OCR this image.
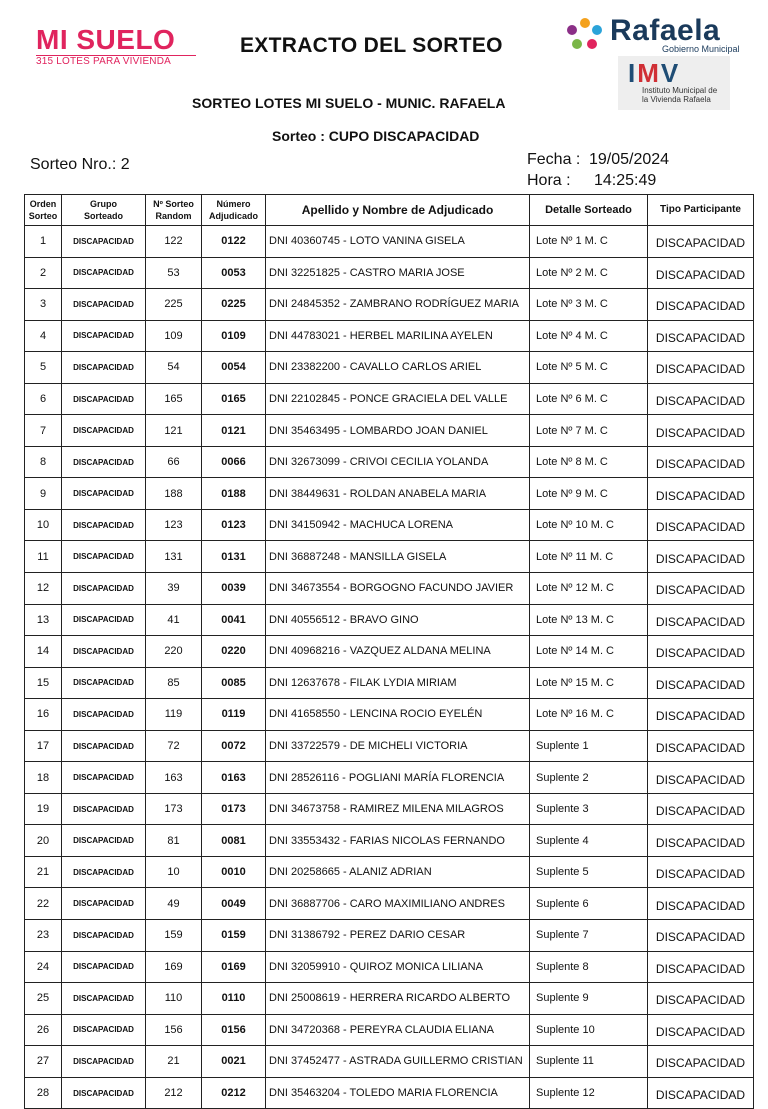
MI SUELO
315 LOTES PARA VIVIENDA
EXTRACTO DEL SORTEO	Rafaela
Gobierno Municipal
IMV
Instituto Municipal de la Vivienda Rafaela
SORTEO LOTES MI SUELO - MUNIC. RAFAELA
Sorteo : CUPO DISCAPACIDAD
Sorteo Nro.: 2	Fecha : 19/05/2024
Hora : 14:25:49
Orden Sorteo	Grupo Sorteado	Nº Sorteo Random	Número Adjudicado	Apellido y Nombre de Adjudicado	Detalle Sorteado	Tipo Participante
1	DISCAPACIDAD	122	0122	DNI 40360745 - LOTO VANINA GISELA	Lote Nº 1 M. C	DISCAPACIDAD
2	DISCAPACIDAD	53	0053	DNI 32251825 - CASTRO MARIA JOSE	Lote Nº 2 M. C	DISCAPACIDAD
3	DISCAPACIDAD	225	0225	DNI 24845352 - ZAMBRANO RODRÍGUEZ MARIA	Lote Nº 3 M. C	DISCAPACIDAD
4	DISCAPACIDAD	109	0109	DNI 44783021 - HERBEL MARILINA AYELEN	Lote Nº 4 M. C	DISCAPACIDAD
5	DISCAPACIDAD	54	0054	DNI 23382200 - CAVALLO CARLOS ARIEL	Lote Nº 5 M. C	DISCAPACIDAD
6	DISCAPACIDAD	165	0165	DNI 22102845 - PONCE GRACIELA DEL VALLE	Lote Nº 6 M. C	DISCAPACIDAD
7	DISCAPACIDAD	121	0121	DNI 35463495 - LOMBARDO JOAN DANIEL	Lote Nº 7 M. C	DISCAPACIDAD
8	DISCAPACIDAD	66	0066	DNI 32673099 - CRIVOI CECILIA YOLANDA	Lote Nº 8 M. C	DISCAPACIDAD
9	DISCAPACIDAD	188	0188	DNI 38449631 - ROLDAN ANABELA MARIA	Lote Nº 9 M. C	DISCAPACIDAD
10	DISCAPACIDAD	123	0123	DNI 34150942 - MACHUCA LORENA	Lote Nº 10 M. C	DISCAPACIDAD
11	DISCAPACIDAD	131	0131	DNI 36887248 - MANSILLA GISELA	Lote Nº 11 M. C	DISCAPACIDAD
12	DISCAPACIDAD	39	0039	DNI 34673554 - BORGOGNO FACUNDO JAVIER	Lote Nº 12 M. C	DISCAPACIDAD
13	DISCAPACIDAD	41	0041	DNI 40556512 - BRAVO GINO	Lote Nº 13 M. C	DISCAPACIDAD
14	DISCAPACIDAD	220	0220	DNI 40968216 - VAZQUEZ ALDANA MELINA	Lote Nº 14 M. C	DISCAPACIDAD
15	DISCAPACIDAD	85	0085	DNI 12637678 - FILAK LYDIA MIRIAM	Lote Nº 15 M. C	DISCAPACIDAD
16	DISCAPACIDAD	119	0119	DNI 41658550 - LENCINA ROCIO EYELÉN	Lote Nº 16 M. C	DISCAPACIDAD
17	DISCAPACIDAD	72	0072	DNI 33722579 - DE MICHELI VICTORIA	Suplente 1	DISCAPACIDAD
18	DISCAPACIDAD	163	0163	DNI 28526116 - POGLIANI MARÍA FLORENCIA	Suplente 2	DISCAPACIDAD
19	DISCAPACIDAD	173	0173	DNI 34673758 - RAMIREZ MILENA MILAGROS	Suplente 3	DISCAPACIDAD
20	DISCAPACIDAD	81	0081	DNI 33553432 - FARIAS NICOLAS FERNANDO	Suplente 4	DISCAPACIDAD
21	DISCAPACIDAD	10	0010	DNI 20258665 - ALANIZ ADRIAN	Suplente 5	DISCAPACIDAD
22	DISCAPACIDAD	49	0049	DNI 36887706 - CARO MAXIMILIANO ANDRES	Suplente 6	DISCAPACIDAD
23	DISCAPACIDAD	159	0159	DNI 31386792 - PEREZ DARIO CESAR	Suplente 7	DISCAPACIDAD
24	DISCAPACIDAD	169	0169	DNI 32059910 - QUIROZ MONICA LILIANA	Suplente 8	DISCAPACIDAD
25	DISCAPACIDAD	110	0110	DNI 25008619 - HERRERA RICARDO ALBERTO	Suplente 9	DISCAPACIDAD
26	DISCAPACIDAD	156	0156	DNI 34720368 - PEREYRA CLAUDIA ELIANA	Suplente 10	DISCAPACIDAD
27	DISCAPACIDAD	21	0021	DNI 37452477 - ASTRADA GUILLERMO CRISTIAN	Suplente 11	DISCAPACIDAD
28	DISCAPACIDAD	212	0212	DNI 35463204 - TOLEDO MARIA FLORENCIA	Suplente 12	DISCAPACIDAD
